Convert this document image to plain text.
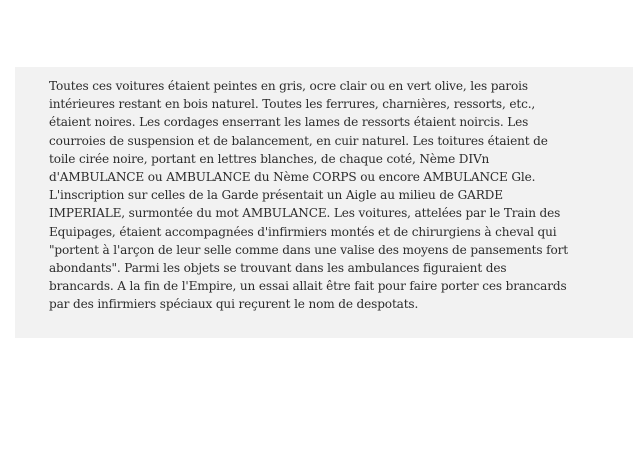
Toutes ces voitures étaient peintes en gris, ocre clair ou en vert olive, les parois
intérieures restant en bois naturel. Toutes les ferrures, charnières, ressorts, etc.,
étaient noires. Les cordages enserrant les lames de ressorts étaient noircis. Les
courroies de suspension et de balancement, en cuir naturel. Les toitures étaient de
toile cirée noire, portant en lettres blanches, de chaque coté, Nème DIVn
d'AMBULANCE ou AMBULANCE du Nème CORPS ou encore AMBULANCE Gle.
L'inscription sur celles de la Garde présentait un Aigle au milieu de GARDE
IMPERIALE, surmontée du mot AMBULANCE. Les voitures, attelées par le Train des
Equipages, étaient accompagnées d'infirmiers montés et de chirurgiens à cheval qui
"portent à l'arçon de leur selle comme dans une valise des moyens de pansements fort
abondants". Parmi les objets se trouvant dans les ambulances figuraient des
brancards. A la fin de l'Empire, un essai allait être fait pour faire porter ces brancards
par des infirmiers spéciaux qui reçurent le nom de despotats.
